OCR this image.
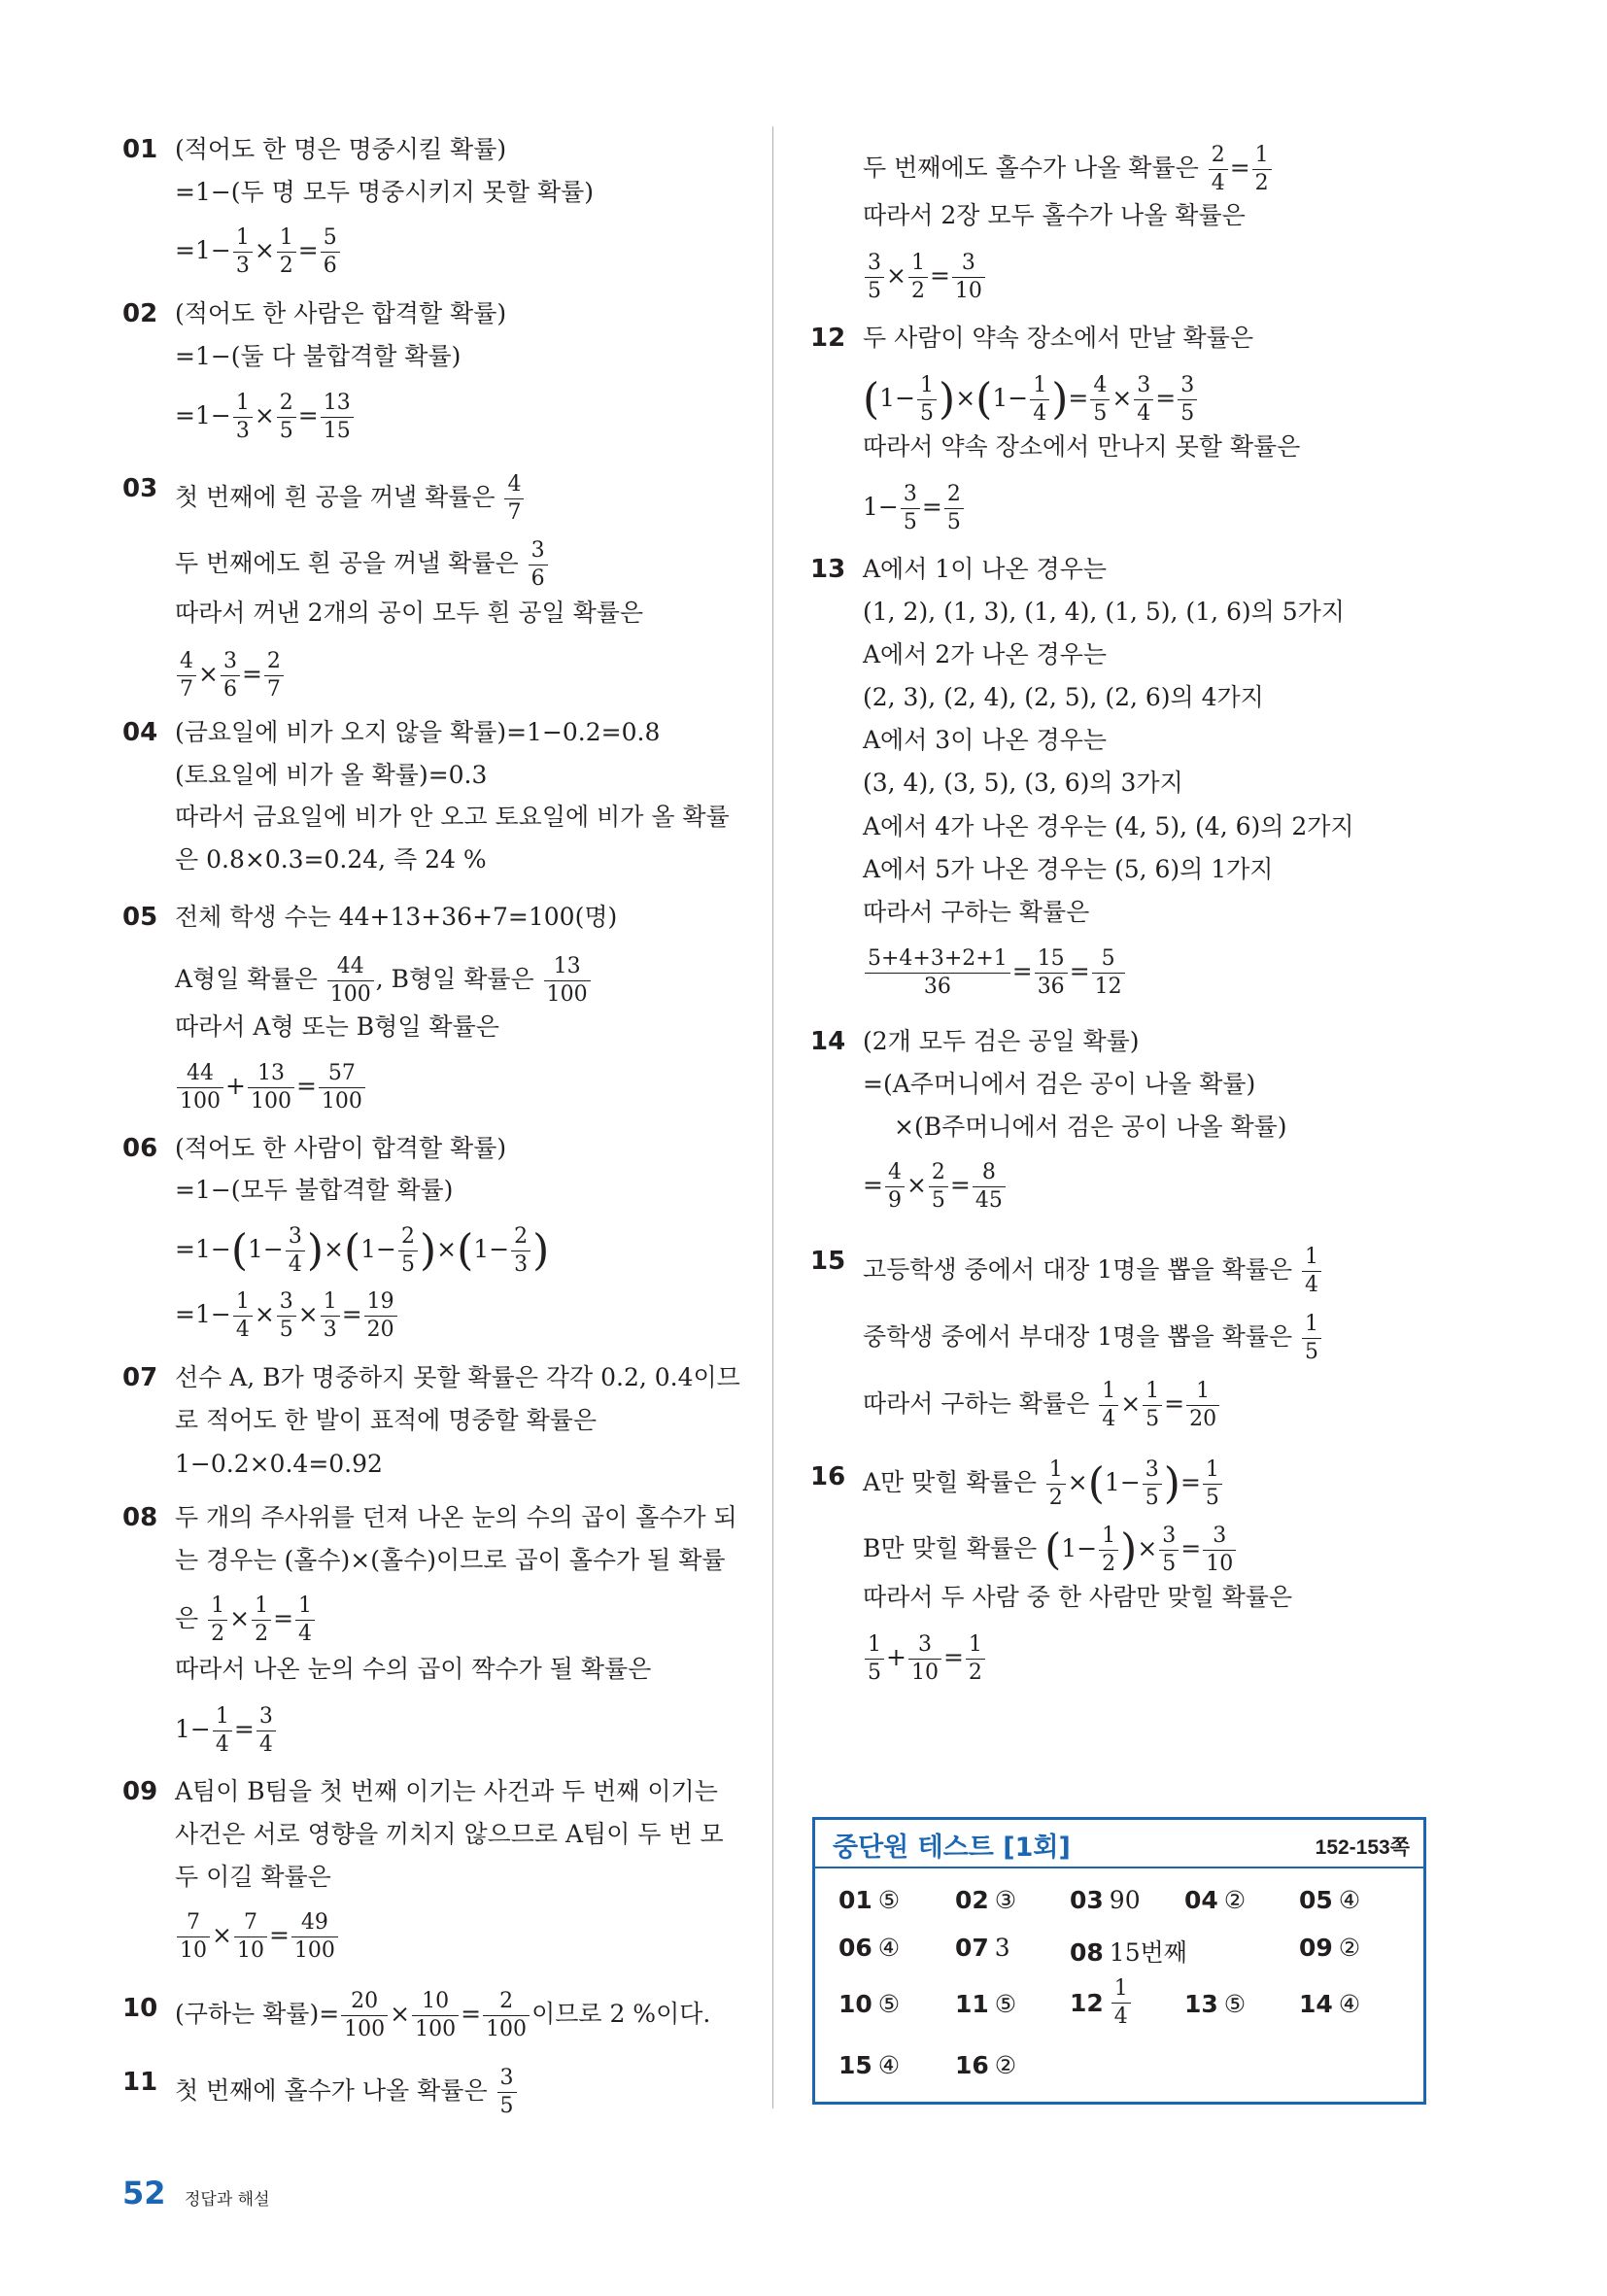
01 (적어도 한 명은 명중시킬 확률)
=1−(두 명 모두 명중시키지 못할 확률)
$=1- \frac{1}{3} \times \frac{1}{2} = \frac{5}{6}$
02 (적어도 한 사람은 합격할 확률)
=1−(둘 다 불합격할 확률)
$=1- \frac{1}{3} \times \frac{2}{5} = \frac{13}{15}$
03 첫 번째에 흰 공을 꺼낼 확률은 $\frac{4}{7}$
두 번째에도 흰 공을 꺼낼 확률은 $\frac{3}{6}$
따라서 꺼낸 2개의 공이 모두 흰 공일 확률은
$\frac{4}{7} \times \frac{3}{6} = \frac{2}{7}$
04 (금요일에 비가 오지 않을 확률)=1−0.2=0.8
(토요일에 비가 올 확률)=0.3
따라서 금요일에 비가 안 오고 토요일에 비가 올 확률
은 0.8×0.3=0.24, 즉 24 %
05 전체 학생 수는 44+13+36+7=100(명)
A형일 확률은 $\frac{44}{100}$ , B형일 확률은 $\frac{13}{100}$
따라서 A형 또는 B형일 확률은
$\frac{44}{100} + \frac{13}{100} = \frac{57}{100}$
06 (적어도 한 사람이 합격할 확률)
=1−(모두 불합격할 확률)
$=1-(1- \frac{3}{4} )\times(1- \frac{2}{5} )\times(1- \frac{2}{3}$ )
$=1- \frac{1}{4} \times \frac{3}{5} \times \frac{1}{3} = \frac{19}{20}$
07 선수 A, B가 명중하지 못할 확률은 각각 0.2, 0.4이므
로 적어도 한 발이 표적에 명중할 확률은
1−0.2×0.4=0.92
08 두 개의 주사위를 던져 나온 눈의 수의 곱이 홀수가 되
는 경우는 (홀수)×(홀수)이므로 곱이 홀수가 될 확률
은 $\frac{1}{2} \times \frac{1}{2} = \frac{1}{4}$
따라서 나온 눈의 수의 곱이 짝수가 될 확률은
$1- \frac{1}{4} = \frac{3}{4}$
09 A팀이 B팀을 첫 번째 이기는 사건과 두 번째 이기는
사건은 서로 영향을 끼치지 않으므로 A팀이 두 번 모
두 이길 확률은
$\frac{7}{10} \times \frac{7}{10} = \frac{49}{100}$
10 (구하는 확률)= $\frac{20}{100} \times \frac{10}{100} = \frac{2}{100}$ 이므로 2 %이다.
11 첫 번째에 홀수가 나올 확률은 $\frac{3}{5}$
두 번째에도 홀수가 나올 확률은 $\frac{2}{4} = \frac{1}{2}$
따라서 2장 모두 홀수가 나올 확률은
$\frac{3}{5} \times \frac{1}{2} = \frac{3}{10}$
12 두 사람이 약속 장소에서 만날 확률은
$(1- \frac{1}{5} )\times(1- \frac{1}{4}$ )= $\frac{4}{5} \times \frac{3}{4} = \frac{3}{5}$
따라서 약속 장소에서 만나지 못할 확률은
$1- \frac{3}{5} = \frac{2}{5}$
13 A에서 1이 나온 경우는
(1, 2), (1, 3), (1, 4), (1, 5), (1, 6)의 5가지
A에서 2가 나온 경우는
(2, 3), (2, 4), (2, 5), (2, 6)의 4가지
A에서 3이 나온 경우는
(3, 4), (3, 5), (3, 6)의 3가지
A에서 4가 나온 경우는 (4, 5), (4, 6)의 2가지
A에서 5가 나온 경우는 (5, 6)의 1가지
따라서 구하는 확률은
$\frac{5+4+3+2+1}{36} = \frac{15}{36} = \frac{5}{12}$
14 (2개 모두 검은 공일 확률)
=(A주머니에서 검은 공이 나올 확률)
×(B주머니에서 검은 공이 나올 확률)
= $\frac{4}{9} \times \frac{2}{5} = \frac{8}{45}$
15 고등학생 중에서 대장 1명을 뽑을 확률은 $\frac{1}{4}$
중학생 중에서 부대장 1명을 뽑을 확률은 $\frac{1}{5}$
따라서 구하는 확률은 $\frac{1}{4} \times \frac{1}{5} = \frac{1}{20}$
16 A만 맞힐 확률은 $\frac{1}{2} \times(1- \frac{3}{5}$ )= $\frac{1}{5}$
B만 맞힐 확률은 ($1- \frac{1}{2}$ )× $\frac{3}{5} = \frac{3}{10}$
따라서 두 사람 중 한 사람만 맞힐 확률은
$\frac{1}{5} + \frac{3}{10} = \frac{1}{2}$
중단원 테스트 [1회]	152-153쪽
01 ⑤ 02 ③ 03 90 04 ② 05 ④
06 ④ 07 3 08 15번째	09 ②
10 ⑤ 11 ⑤ $12 \frac{1}{4} 13$ ⑤ 14 ④
15 ④ 16 ②
52 정답과 해설
